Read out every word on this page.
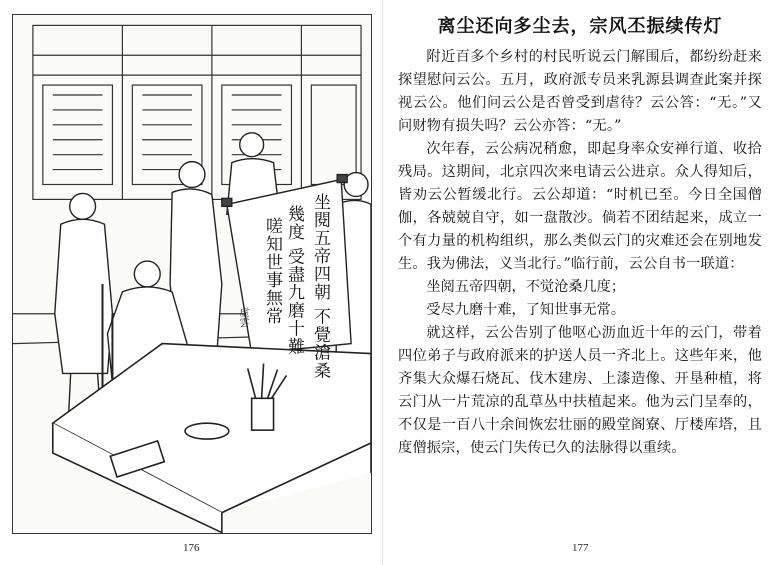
坐閱五帝四朝 不覺滄桑
幾度 受盡九磨十難
嗟知世事無常
虚雲
176
离尘还向多尘去，宗风丕振续传灯

附近百多个乡村的村民听说云门解围后，都纷纷赶来探望慰问云公。五月，政府派专员来乳源县调查此案并探视云公。他们问云公是否曾受到虐待？云公答：“无。”又问财物有损失吗？云公亦答：“无。”

次年春，云公病况稍愈，即起身率众安禅行道、收拾残局。这期间，北京四次来电请云公进京。众人得知后，皆劝云公暂缓北行。云公却道：“时机已至。今日全国僧伽，各兢兢自守，如一盘散沙。倘若不团结起来，成立一个有力量的机构组织，那么类似云门的灾难还会在别地发生。我为佛法，义当北行。”临行前，云公自书一联道：

坐阅五帝四朝，不觉沧桑几度；

受尽九磨十难，了知世事无常。

就这样，云公告别了他呕心沥血近十年的云门，带着四位弟子与政府派来的护送人员一齐北上。这些年来，他齐集大众爆石烧瓦、伐木建房、上漆造像、开垦种植，将云门从一片荒凉的乱草丛中扶植起来。他为云门呈奉的，不仅是一百八十余间恢宏壮丽的殿堂阁寮、厅楼库塔，且度僧振宗，使云门失传已久的法脉得以重续。

177
